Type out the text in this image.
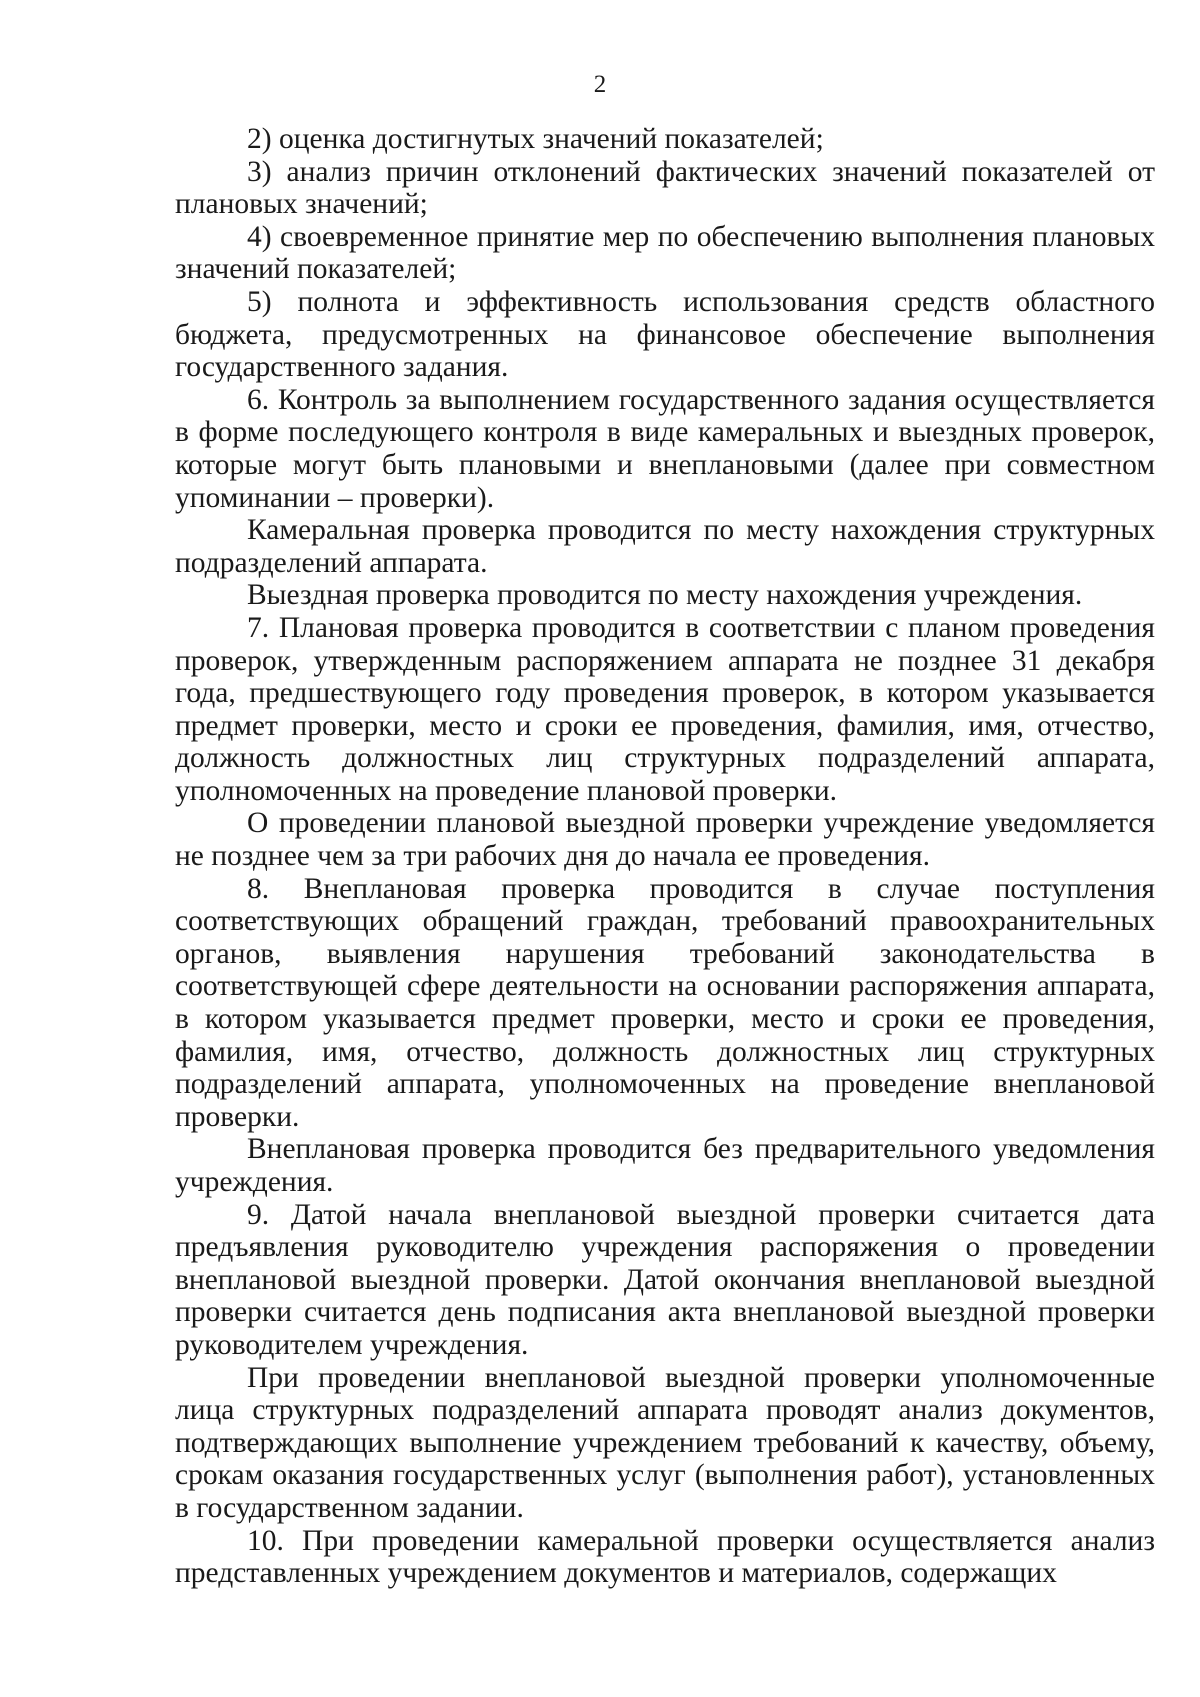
2

2) оценка достигнутых значений показателей;

3) анализ причин отклонений фактических значений показателей от плановых значений;

4) своевременное принятие мер по обеспечению выполнения плановых значений показателей;

5) полнота и эффективность использования средств областного бюджета, предусмотренных на финансовое обеспечение выполнения государственного задания.

6. Контроль за выполнением государственного задания осуществляется в форме последующего контроля в виде камеральных и выездных проверок, которые могут быть плановыми и внеплановыми (далее при совместном упоминании – проверки).

Камеральная проверка проводится по месту нахождения структурных подразделений аппарата.

Выездная проверка проводится по месту нахождения учреждения.

7. Плановая проверка проводится в соответствии с планом проведения проверок, утвержденным распоряжением аппарата не позднее 31 декабря года, предшествующего году проведения проверок, в котором указывается предмет проверки, место и сроки ее проведения, фамилия, имя, отчество, должность должностных лиц структурных подразделений аппарата, уполномоченных на проведение плановой проверки.

О проведении плановой выездной проверки учреждение уведомляется не позднее чем за три рабочих дня до начала ее проведения.

8. Внеплановая проверка проводится в случае поступления соответствующих обращений граждан, требований правоохранительных органов, выявления нарушения требований законодательства в соответствующей сфере деятельности на основании распоряжения аппарата, в котором указывается предмет проверки, место и сроки ее проведения, фамилия, имя, отчество, должность должностных лиц структурных подразделений аппарата, уполномоченных на проведение внеплановой проверки.

Внеплановая проверка проводится без предварительного уведомления учреждения.

9. Датой начала внеплановой выездной проверки считается дата предъявления руководителю учреждения распоряжения о проведении внеплановой выездной проверки. Датой окончания внеплановой выездной проверки считается день подписания акта внеплановой выездной проверки руководителем учреждения.

При проведении внеплановой выездной проверки уполномоченные лица структурных подразделений аппарата проводят анализ документов, подтверждающих выполнение учреждением требований к качеству, объему, срокам оказания государственных услуг (выполнения работ), установленных в государственном задании.

10. При проведении камеральной проверки осуществляется анализ представленных учреждением документов и материалов, содержащих
